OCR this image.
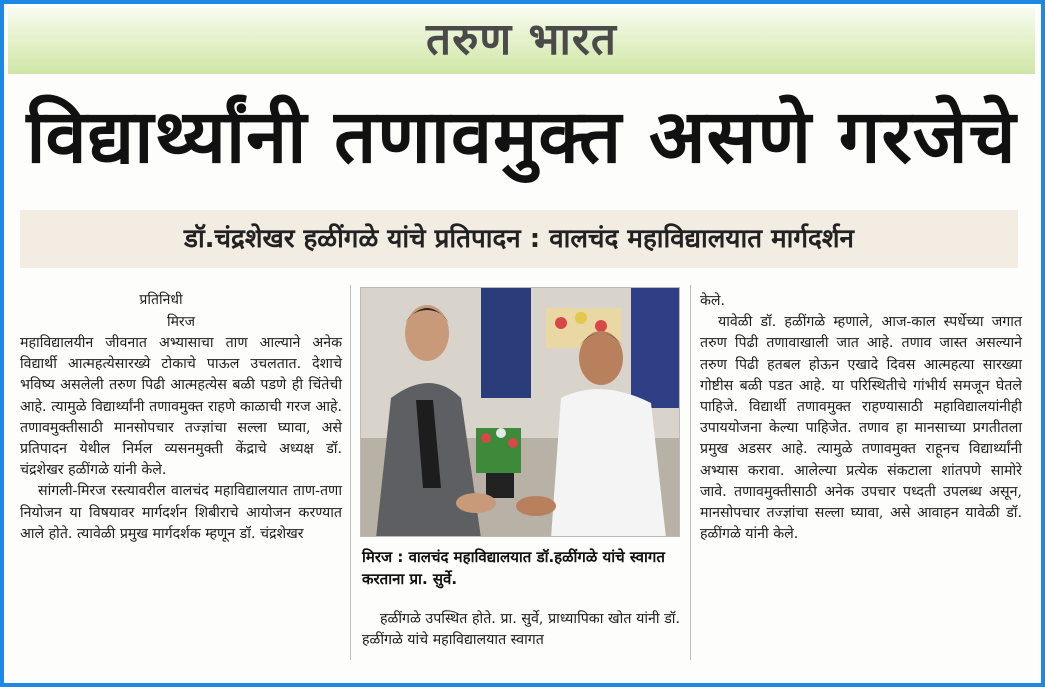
तरुण भारत
विद्यार्थ्यांनी तणावमुक्त असणे गरजेचे
डॉ.चंद्रशेखर हळींगळे यांचे प्रतिपादन : वालचंद महाविद्यालयात मार्गदर्शन
प्रतिनिधी
मिरज

महाविद्यालयीन जीवनात अभ्यासाचा ताण आल्याने अनेक विद्यार्थी आत्महत्येसारख्ये टोकाचे पाऊल उचलतात. देशाचे भविष्य असलेली तरुण पिढी आत्महत्येस बळी पडणे ही चिंतेची आहे. त्यामुळे विद्यार्थ्यांनी तणावमुक्त राहणे काळाची गरज आहे. तणावमुक्तीसाठी मानसोपचार तज्ज्ञांचा सल्ला घ्यावा, असे प्रतिपादन येथील निर्मल व्यसनमुक्ती केंद्राचे अध्यक्ष डॉ. चंद्रशेखर हळींगळे यांनी केले.

सांगली-मिरज रस्त्यावरील वालचंद महाविद्यालयात ताण-तणा नियोजन या विषयावर मार्गदर्शन शिबीराचे आयोजन करण्यात आले होते. त्यावेळी प्रमुख मार्गदर्शक म्हणून डॉ. चंद्रशेखर

मिरज : वालचंद महाविद्यालयात डॉ.हळींगळे यांचे स्वागत करताना प्रा. सुर्वे.

हळींगळे उपस्थित होते. प्रा. सुर्वे, प्राध्यापिका खोत यांनी डॉ. हळींगळे यांचे महाविद्यालयात स्वागत

केले.

यावेळी डॉ. हळींगळे म्हणाले, आज-काल स्पर्धेच्या जगात तरुण पिढी तणावाखाली जात आहे. तणाव जास्त असल्याने तरुण पिढी हतबल होऊन एखादे दिवस आत्महत्या सारख्या गोष्टीस बळी पडत आहे. या परिस्थितीचे गांभीर्य समजून घेतले पाहिजे. विद्यार्थी तणावमुक्त राहण्यासाठी महाविद्यालयांनीही उपाययोजना केल्या पाहिजेत. तणाव हा मानसाच्या प्रगतीतला प्रमुख अडसर आहे. त्यामुळे तणावमुक्त राहूनच विद्यार्थ्यांनी अभ्यास करावा. आलेल्या प्रत्येक संकटाला शांतपणे सामोरे जावे. तणावमुक्तीसाठी अनेक उपचार पध्दती उपलब्ध असून, मानसोपचार तज्ज्ञांचा सल्ला घ्यावा, असे आवाहन यावेळी डॉ. हळींगळे यांनी केले.
